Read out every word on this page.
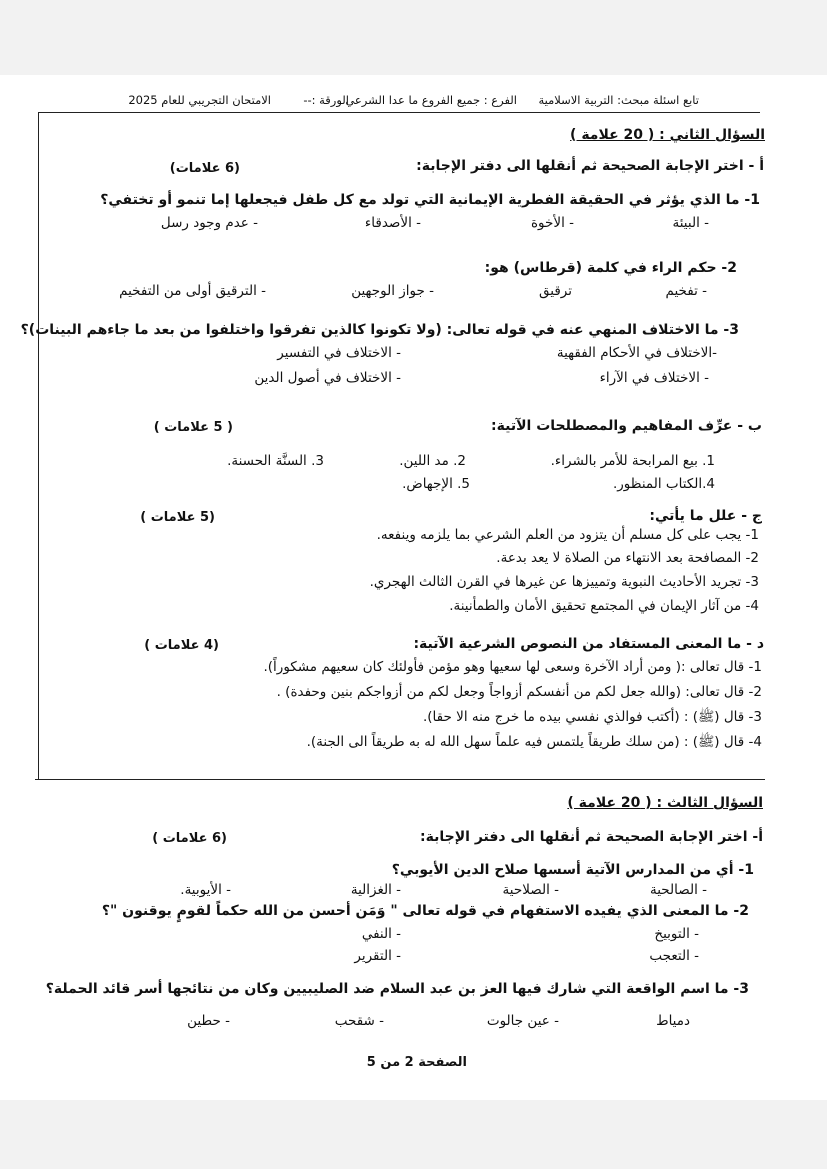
تابع اسئلة مبحث: التربية الاسلامية
الفرع : جميع الفروع ما عدا الشرعي
الورقة :--
الامتحان التجريبي للعام 2025
السؤال الثاني : ( 20 علامة )
أ - اختر الإجابة الصحيحة ثم أنقلها الى دفتر الإجابة:
(6 علامات)
1- ما الذي يؤثر في الحقيقة الفطرية الإيمانية التي تولد مع كل طفل فيجعلها إما تنمو أو تختفي؟
- البيئة
- الأخوة
- الأصدقاء
- عدم وجود رسل
2- حكم الراء في كلمة (قرطاس) هو:
- تفخيم
ترقيق
- جواز الوجهين
- الترقيق أولى من التفخيم
3- ما الاختلاف المنهي عنه في قوله تعالى: (ولا تكونوا كالذين تفرقوا واختلفوا من بعد ما جاءهم البينات)؟
-الاختلاف في الأحكام الفقهية
- الاختلاف في التفسير
- الاختلاف في الآراء
- الاختلاف في أصول الدين
ب - عرِّف المفاهيم والمصطلحات الآتية:
( 5 علامات )
1. بيع المرابحة للأمر بالشراء.
2. مد اللين.
3. السنَّة الحسنة.
4.الكتاب المنظور.
5. الإجهاض.
ج - علل ما يأتي:
(5 علامات )
1- يجب على كل مسلم أن يتزود من العلم الشرعي بما يلزمه وينفعه.
2- المصافحة بعد الانتهاء من الصلاة لا يعد بدعة.
3- تجريد الأحاديث النبوية وتمييزها عن غيرها في القرن الثالث الهجري.
4- من آثار الإيمان في المجتمع تحقيق الأمان والطمأنينة.
د - ما المعنى المستفاد من النصوص الشرعية الآتية:
(4 علامات )
1- قال تعالى :( ومن أراد الآخرة وسعى لها سعيها وهو مؤمن فأولئك كان سعيهم مشكوراً).
2- قال تعالى: (والله جعل لكم من أنفسكم أزواجاً وجعل لكم من أزواجكم بنين وحفدة) .
3- قال (ﷺ) : (أكتب فوالذي نفسي بيده ما خرج منه الا حقا).
4- قال (ﷺ) : (من سلك طريقاً يلتمس فيه علماً سهل الله له به طريقاً الى الجنة).
السؤال الثالث : ( 20 علامة )
أ- اختر الإجابة الصحيحة ثم أنقلها الى دفتر الإجابة:
(6 علامات )
1- أي من المدارس الآتية أسسها صلاح الدين الأيوبي؟
- الصالحية
- الصلاحية
- الغزالية
- الأيوبية.
2- ما المعنى الذي يفيده الاستفهام في قوله تعالى " وَمَن أحسن من الله حكماً لقومٍ يوقنون "؟
- التوبيخ
- النفي
- التعجب
- التقرير
3- ما اسم الواقعة التي شارك فيها العز بن عبد السلام ضد الصليبيين وكان من نتائجها أسر قائد الحملة؟
دمياط
- عين جالوت
- شقحب
- حطين
الصفحة 2 من 5
